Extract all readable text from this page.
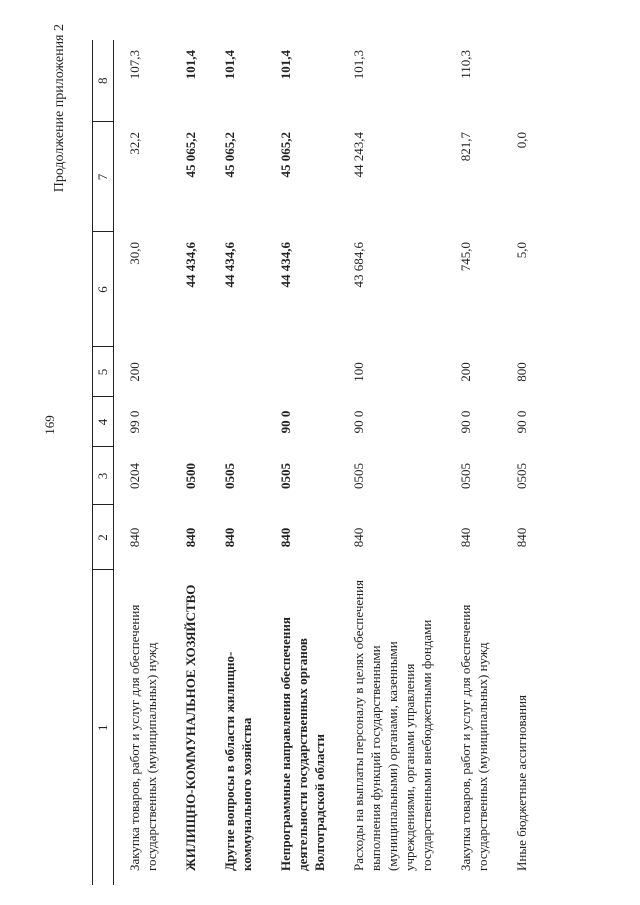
169
Продолжение приложения 2
1	2	3	4	5	6	7	8
Закупка товаров, работ и услуг для обеспечения государственных (муниципальных) нужд	840	0204	99 0	200	30,0	32,2	107,3
ЖИЛИЩНО-КОММУНАЛЬНОЕ ХОЗЯЙСТВО	840	0500			44 434,6	45 065,2	101,4
Другие вопросы в области жилищно-коммунального хозяйства	840	0505			44 434,6	45 065,2	101,4
Непрограммные направления обеспечения деятельности государственных органов Волгоградской области	840	0505	90 0		44 434,6	45 065,2	101,4
Расходы на выплаты персоналу в целях обеспечения выполнения функций государственными (муниципальными) органами, казенными учреждениями, органами управления государственными внебюджетными фондами	840	0505	90 0	100	43 684,6	44 243,4	101,3
Закупка товаров, работ и услуг для обеспечения государственных (муниципальных) нужд	840	0505	90 0	200	745,0	821,7	110,3
Иные бюджетные ассигнования	840	0505	90 0	800	5,0	0,0	
